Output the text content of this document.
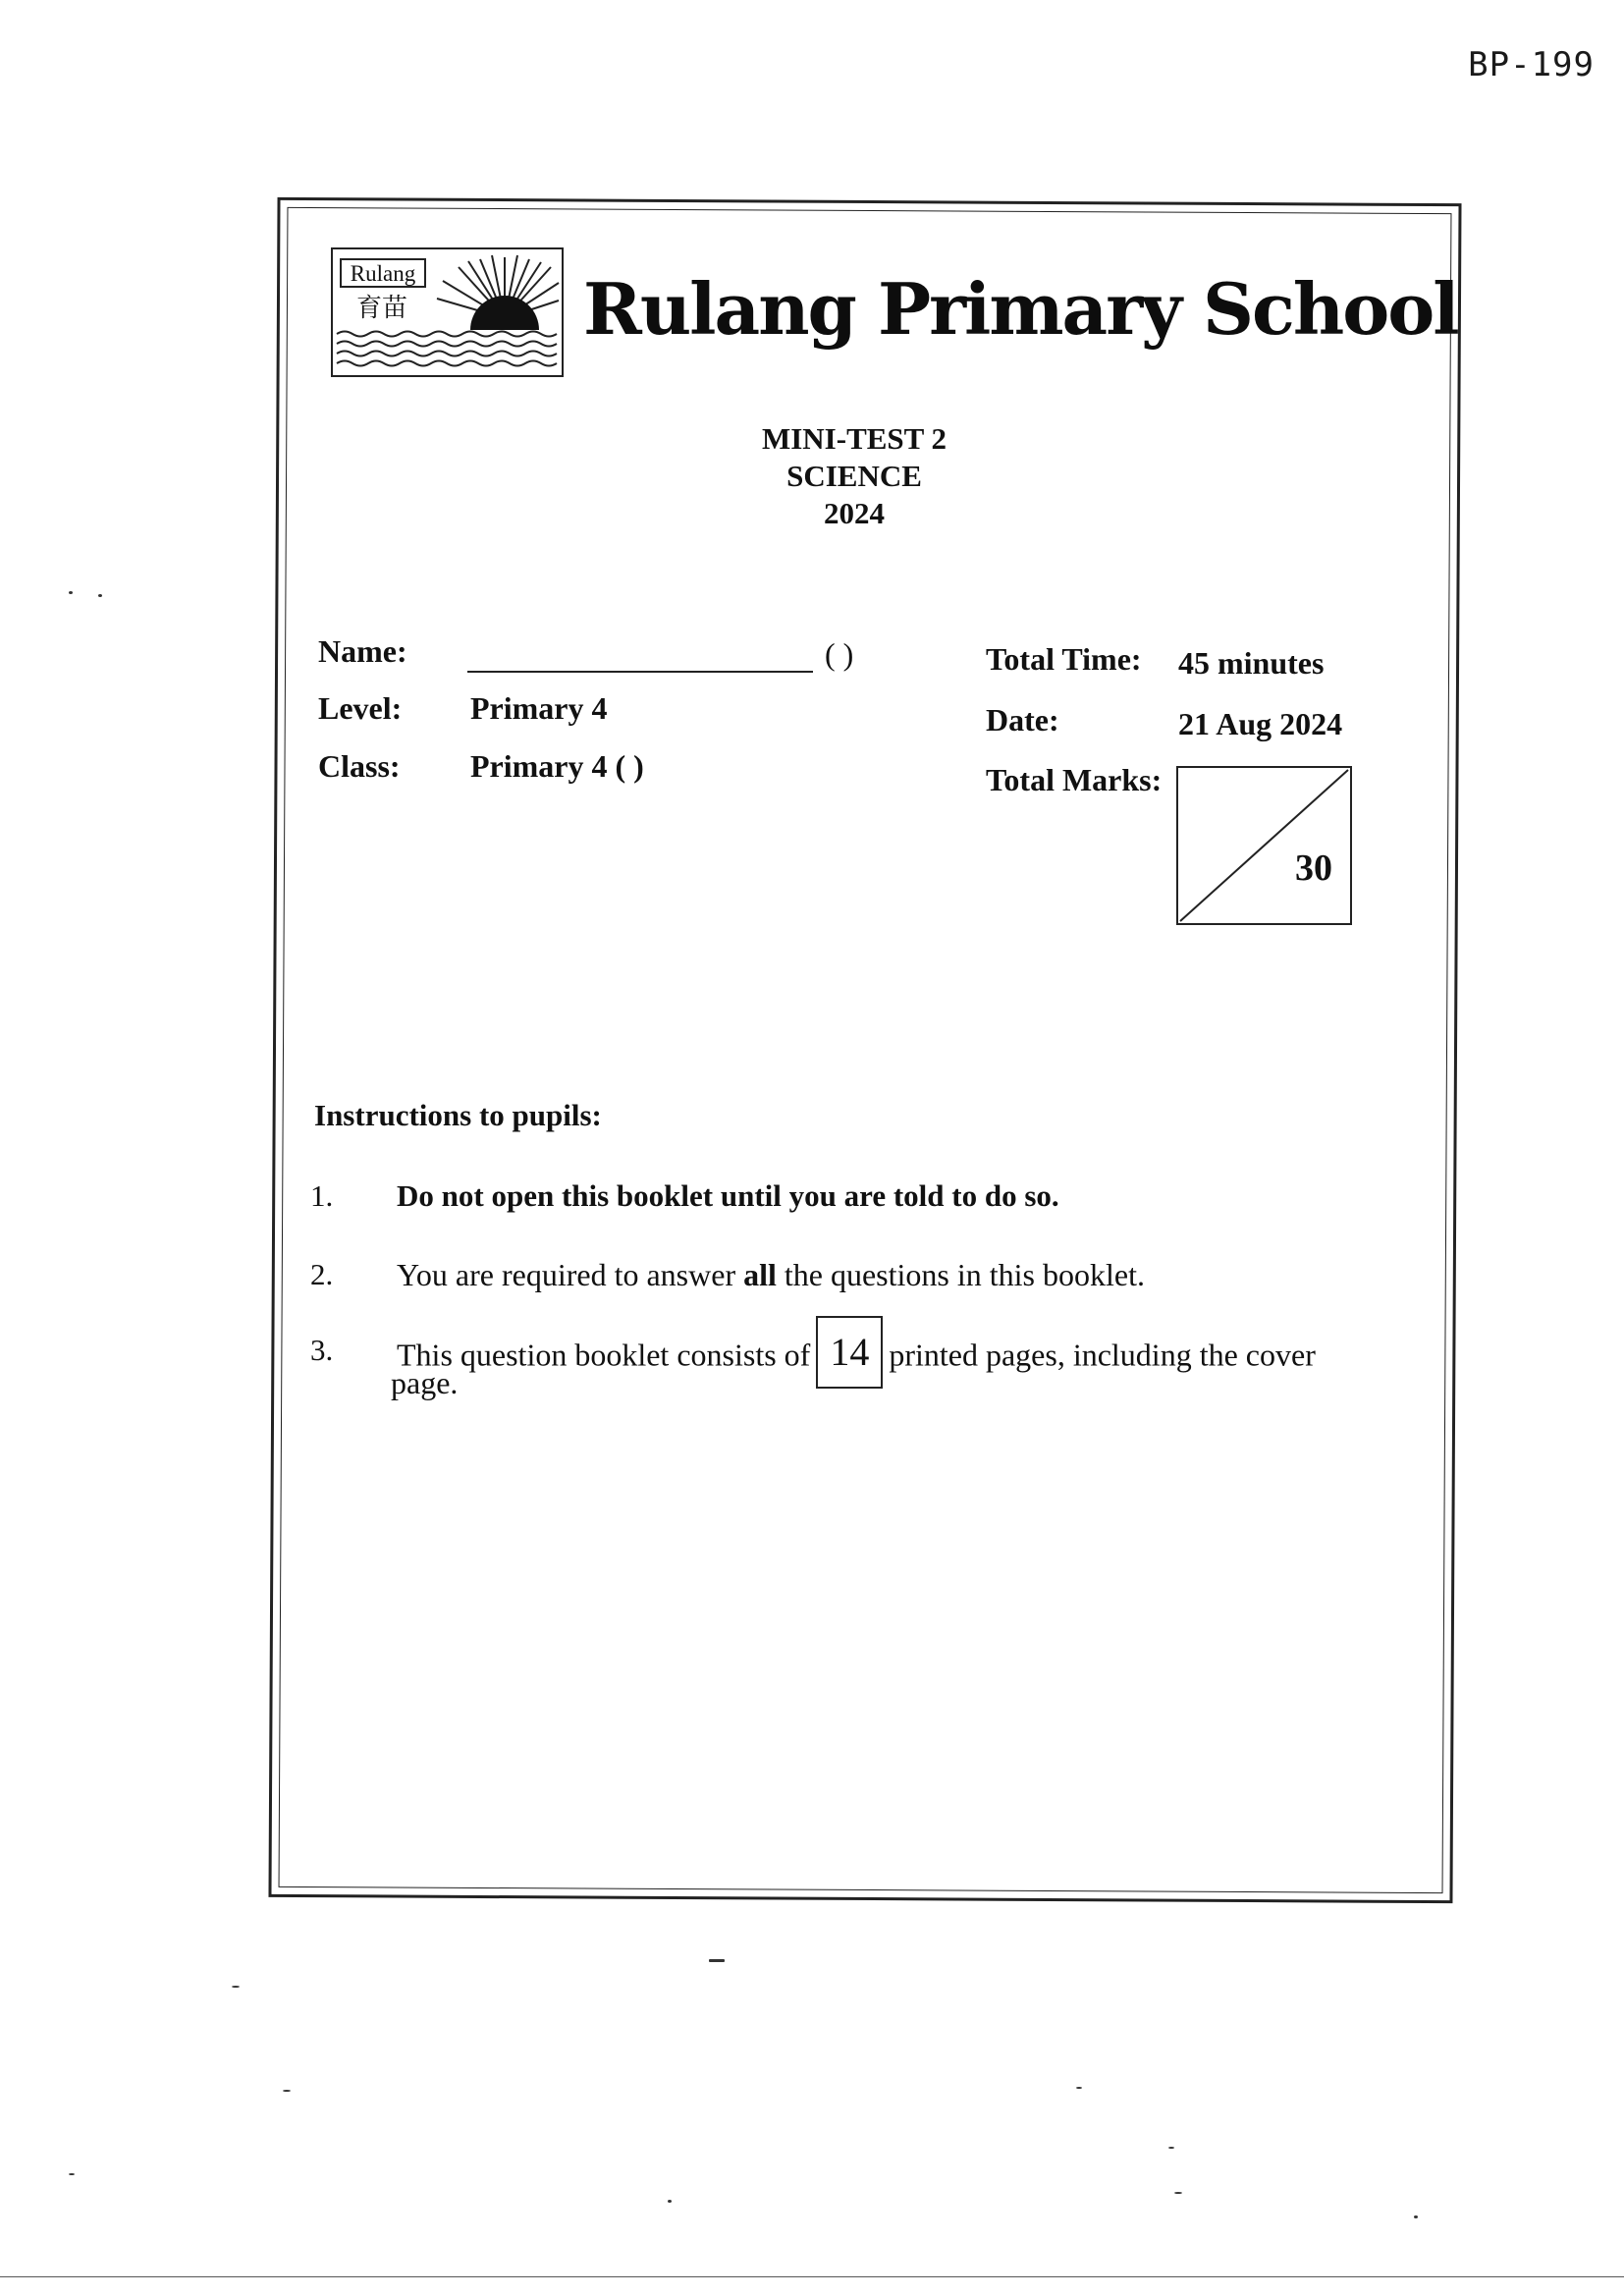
BP-199
Rulang
育苗 Rulang Primary School
MINI-TEST 2
SCIENCE
2024
Name:	( )
Level: Primary 4
Class: Primary 4 ( )
Total Time: 45 minutes
Date:	21 Aug 2024
Total Marks:
30
Instructions to pupils:
1. Do not open this booklet until you are told to do so.
2. You are required to answer all the questions in this booklet.
3. This question booklet consists of 14 printed pages, including the cover
page.
